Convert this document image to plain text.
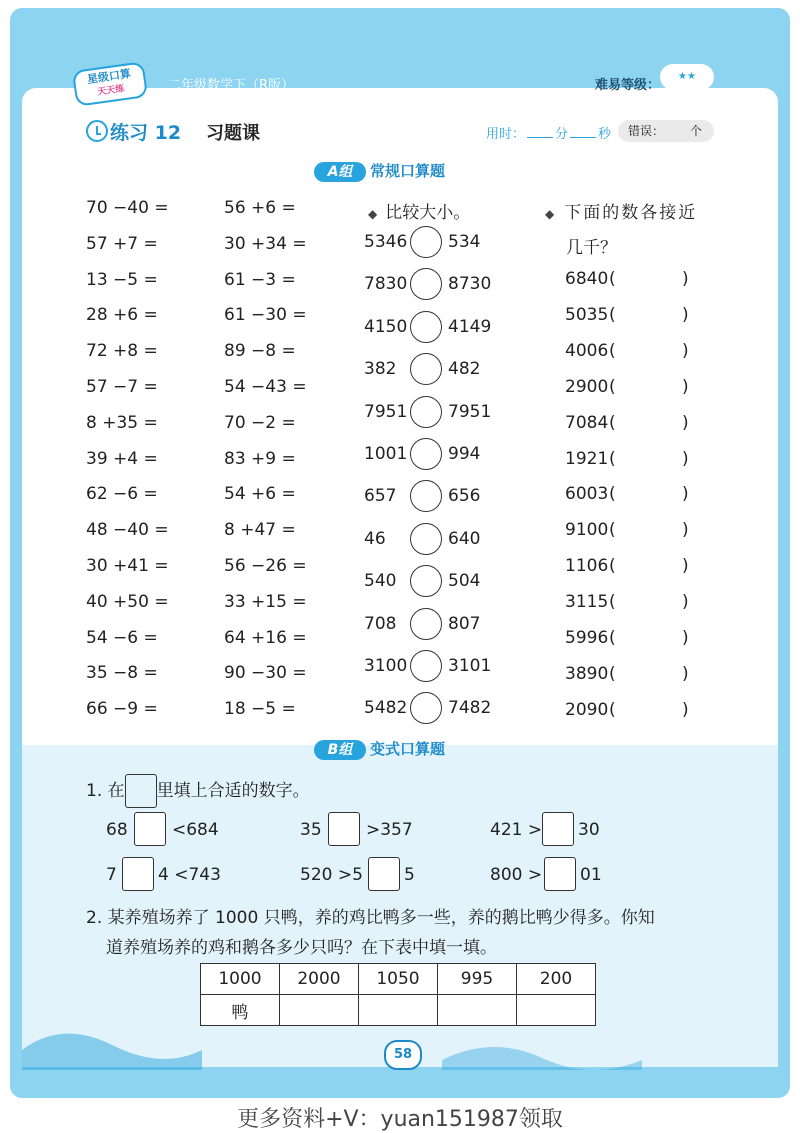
星级口算
天天练	二年级数学下（R版）	难易等级：
★★
练习 12 习题课	用时： 分 秒	错误： 个
A组 常规口算题
70 −40 =
57 +7 =
13 −5 =
28 +6 =
72 +8 =
57 −7 =
8 +35 =
39 +4 =
62 −6 =
48 −40 =
30 +41 =
40 +50 =
54 −6 =
35 −8 =
66 −9 =
56 +6 =
30 +34 =
61 −3 =
61 −30 =
89 −8 =
54 −43 =
70 −2 =
83 +9 =
54 +6 =
8 +47 =
56 −26 =
33 +15 =
64 +16 =
90 −30 =
18 −5 =
◆ 比较大小。
5346 534
7830 8730
4150 4149
382	482
7951 7951
1001 994
657	656
46	640
540	504
708	807
3100 3101
5482 7482
◆ 下面的数各接近
几千？
6840 (	)
5035 (	)
4006 (	)
2900 (	)
7084 (	)
1921 (	)
6003 (	)
9100 (	)
1106 (	)
3115 (	)
5996 (	)
3890 (	)
2090 (	)
B组 变式口算题
1. 在 里填上合适的数字。
68	<684	35	>357	421 > 30
7 4 <743	520 >5 5	800 > 01
2. 某养殖场养了 1000 只鸭，养的鸡比鸭多一些，养的鹅比鸭少得多。你知
道养殖场养的鸡和鹅各多少只吗？在下表中填一填。
1000	2000	1050	995	200
鸭				
58
更多资料+V：yuan151987领取
